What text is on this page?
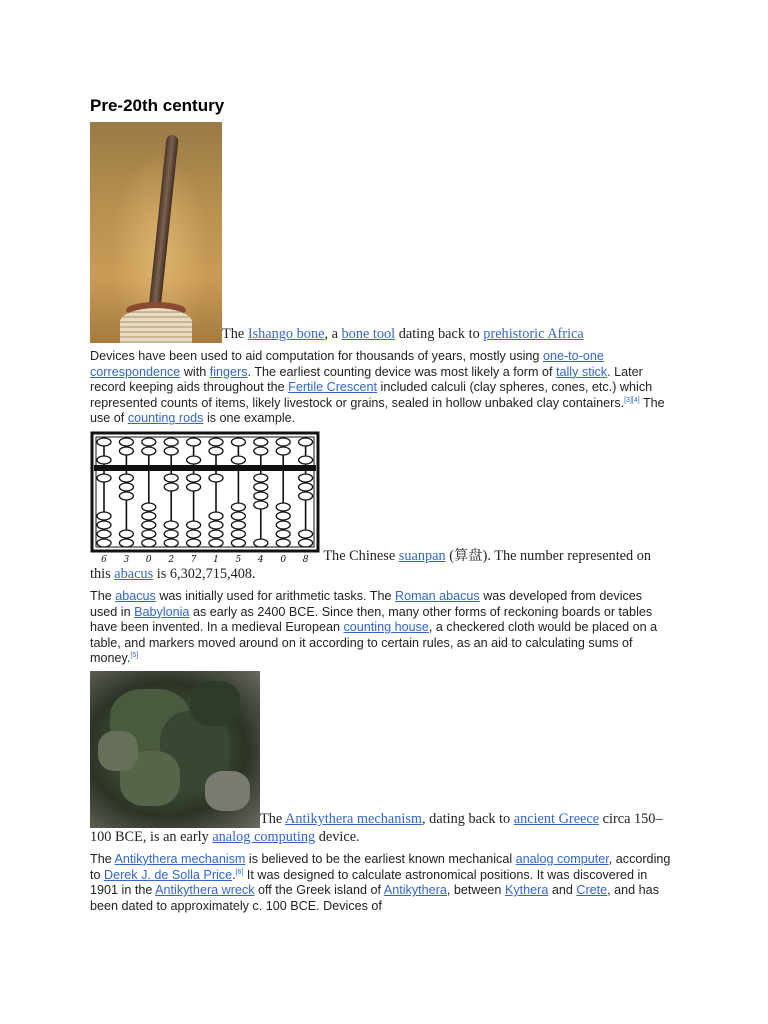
Pre-20th century
The Ishango bone, a bone tool dating back to prehistoric Africa

Devices have been used to aid computation for thousands of years, mostly using one-to-one correspondence with fingers. The earliest counting device was most likely a form of tally stick. Later record keeping aids throughout the Fertile Crescent included calculi (clay spheres, cones, etc.) which represented counts of items, likely livestock or grains, sealed in hollow unbaked clay containers.[3][4] The use of counting rods is one example.

6 3 0 2 7 1 5 4 0 8 The Chinese suanpan (算盘). The number represented on this abacus is 6,302,715,408.

The abacus was initially used for arithmetic tasks. The Roman abacus was developed from devices used in Babylonia as early as 2400 BCE. Since then, many other forms of reckoning boards or tables have been invented. In a medieval European counting house, a checkered cloth would be placed on a table, and markers moved around on it according to certain rules, as an aid to calculating sums of money.[5]

The Antikythera mechanism, dating back to ancient Greece circa 150–100 BCE, is an early analog computing device.

The Antikythera mechanism is believed to be the earliest known mechanical analog computer, according to Derek J. de Solla Price.[6] It was designed to calculate astronomical positions. It was discovered in 1901 in the Antikythera wreck off the Greek island of Antikythera, between Kythera and Crete, and has been dated to approximately c. 100 BCE. Devices of
